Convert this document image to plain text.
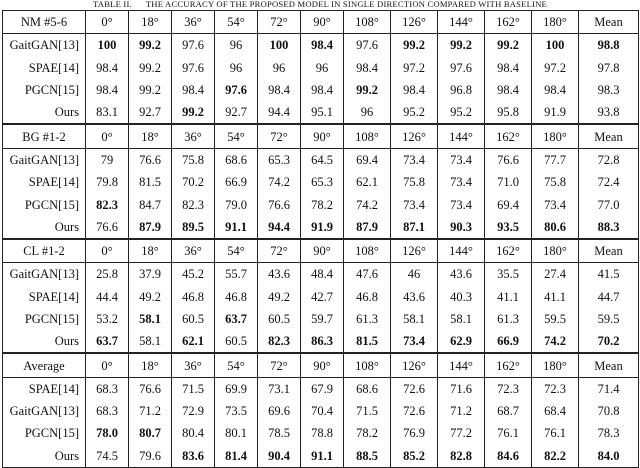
TABLE II. THE ACCURACY OF THE PROPOSED MODEL IN SINGLE DIRECTION COMPARED WITH BASELINE
NM #5-6	0°	18°	36°	54°	72°	90°	108°	126°	144°	162°	180°	Mean
GaitGAN[13]	100	99.2	97.6	96	100	98.4	97.6	99.2	99.2	99.2	100	98.8
SPAE[14]	98.4	99.2	97.6	96	96	96	98.4	97.2	97.6	98.4	97.2	97.8
PGCN[15]	98.4	99.2	98.4	97.6	98.4	98.4	99.2	98.4	96.8	98.4	98.4	98.3
Ours	83.1	92.7	99.2	92.7	94.4	95.1	96	95.2	95.2	95.8	91.9	93.8
BG #1-2	0°	18°	36°	54°	72°	90°	108°	126°	144°	162°	180°	Mean
GaitGAN[13]	79	76.6	75.8	68.6	65.3	64.5	69.4	73.4	73.4	76.6	77.7	72.8
SPAE[14]	79.8	81.5	70.2	66.9	74.2	65.3	62.1	75.8	73.4	71.0	75.8	72.4
PGCN[15]	82.3	84.7	82.3	79.0	76.6	78.2	74.2	73.4	73.4	69.4	73.4	77.0
Ours	76.6	87.9	89.5	91.1	94.4	91.9	87.9	87.1	90.3	93.5	80.6	88.3
CL #1-2	0°	18°	36°	54°	72°	90°	108°	126°	144°	162°	180°	Mean
GaitGAN[13]	25.8	37.9	45.2	55.7	43.6	48.4	47.6	46	43.6	35.5	27.4	41.5
SPAE[14]	44.4	49.2	46.8	46.8	49.2	42.7	46.8	43.6	40.3	41.1	41.1	44.7
PGCN[15]	53.2	58.1	60.5	63.7	60.5	59.7	61.3	58.1	58.1	61.3	59.5	59.5
Ours	63.7	58.1	62.1	60.5	82.3	86.3	81.5	73.4	62.9	66.9	74.2	70.2
Average	0°	18°	36°	54°	72°	90°	108°	126°	144°	162°	180°	Mean
SPAE[14]	68.3	76.6	71.5	69.9	73.1	67.9	68.6	72.6	71.6	72.3	72.3	71.4
GaitGAN[13]	68.3	71.2	72.9	73.5	69.6	70.4	71.5	72.6	71.2	68.7	68.4	70.8
PGCN[15]	78.0	80.7	80.4	80.1	78.5	78.8	78.2	76.9	77.2	76.1	76.1	78.3
Ours	74.5	79.6	83.6	81.4	90.4	91.1	88.5	85.2	82.8	84.6	82.2	84.0
